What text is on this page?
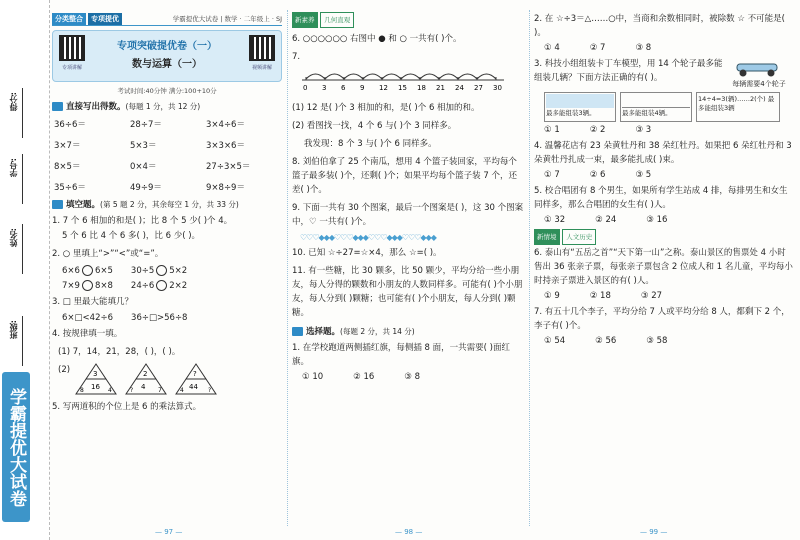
得分:
学号:
姓名:
班级:
学霸提优大试卷
分类整合	专项提优	学霸提优大试卷 | 数学 · 二年级上 · SJ
专项讲解	视频讲解
专项突破提优卷（一）
数与运算（一）
考试时间:40分钟 满分:100+10分
直接写出得数。 (每题 1 分，共 12 分)
36÷6＝	28÷7＝	3×4÷6＝
3×7＝	5×3＝	3×3×6＝
8×5＝	0×4＝	27÷3×5＝
35÷6＝	49÷9＝	9×8÷9＝
填空题。 (第 5 题 2 分，其余每空 1 分，共 33 分)
1. 7 个 6 相加的和是( )；比 8 个 5 少( )个 4。
5 个 6 比 4 个 6 多( )，比 6 少( )。
2. ○ 里填上“>”“<”或“=”。
6×6 6×5 30÷5 5×2
7×9 8×8 24÷6 2×2
3. □ 里最大能填几？
6×□<42÷6 36÷□>56÷8
4. 按规律填一填。
(1) 7，14，21，28，( )，( )。
(2)	3
16
8	4
2
4
?	7
?
44
4	?
5. 写两道积的个位上是 6 的乘法算式。
新素养 几何直观
6. ○○○○○○ 右图中 ● 和 ○ 一共有( )个。
7.
0 3 6 9 12 15 18 21 24 27 30
(1) 12 是( )个 3 相加的和，是( )个 6 相加的和。
(2) 看图找一找，4 个 6 与( )个 3 同样多。
我发现：8 个 3 与( )个 6 同样多。
8. 刘伯伯拿了 25 个南瓜，想用 4 个篮子装回家，平均每个篮子最多装( )个，还剩( )个；如果平均每个篮子装 7 个，还差( )个。
9. 下面一共有 30 个图案，最后一个图案是( )，这 30 个图案中，♡ 一共有( )个。
♡♡♡◆◆◆♡♡♡◆◆◆♡♡♡◆◆◆♡♡♡◆◆◆
10. 已知 ☆÷27=☆×4，那么 ☆=( )。
11. 有一些糖，比 30 颗多，比 50 颗少，平均分给一些小朋友，每人分得的颗数和小朋友的人数同样多。可能有( )个小朋友，每人分到( )颗糖；也可能有( )个小朋友，每人分到( )颗糖。
选择题。 (每题 2 分，共 14 分)
1. 在学校跑道两侧插红旗，每侧插 8 面，一共需要( )面红旗。
① 10	② 16	③ 8
2. 在 ☆÷3＝△……○中，当商和余数相同时，被除数 ☆ 不可能是( )。
① 4	② 7	③ 8
3. 科技小组组装卡丁车模型，用 14 个轮子最多能组装几辆？下面方法正确的有( )。
每辆需要4个轮子
最多能组装3辆。	最多能组装4辆。
14÷4=3(辆)……2(个) 最多能组装3辆
① 1	② 2	③ 3
4. 温馨花店有 23 朵黄牡丹和 38 朵红牡丹。如果把 6 朵红牡丹和 3 朵黄牡丹扎成一束，最多能扎成( )束。
① 7	② 6	③ 5
5. 校合唱团有 8 个男生，如果所有学生站成 4 排，每排男生和女生同样多，那么合唱团的女生有( )人。
① 32	② 24	③ 16
新情境 人文历史
6. 泰山有“五岳之首”“天下第一山”之称。泰山景区的售票处 4 小时售出 36 张亲子票，每张亲子票包含 2 位成人和 1 名儿童，平均每小时持亲子票进入景区的有( )人。
① 9	② 18	③ 27
7. 有五十几个李子，平均分给 7 人或平均分给 8 人，都剩下 2 个，李子有( )个。
① 54	② 56	③ 58
— 97 —	— 98 —	— 99 —
